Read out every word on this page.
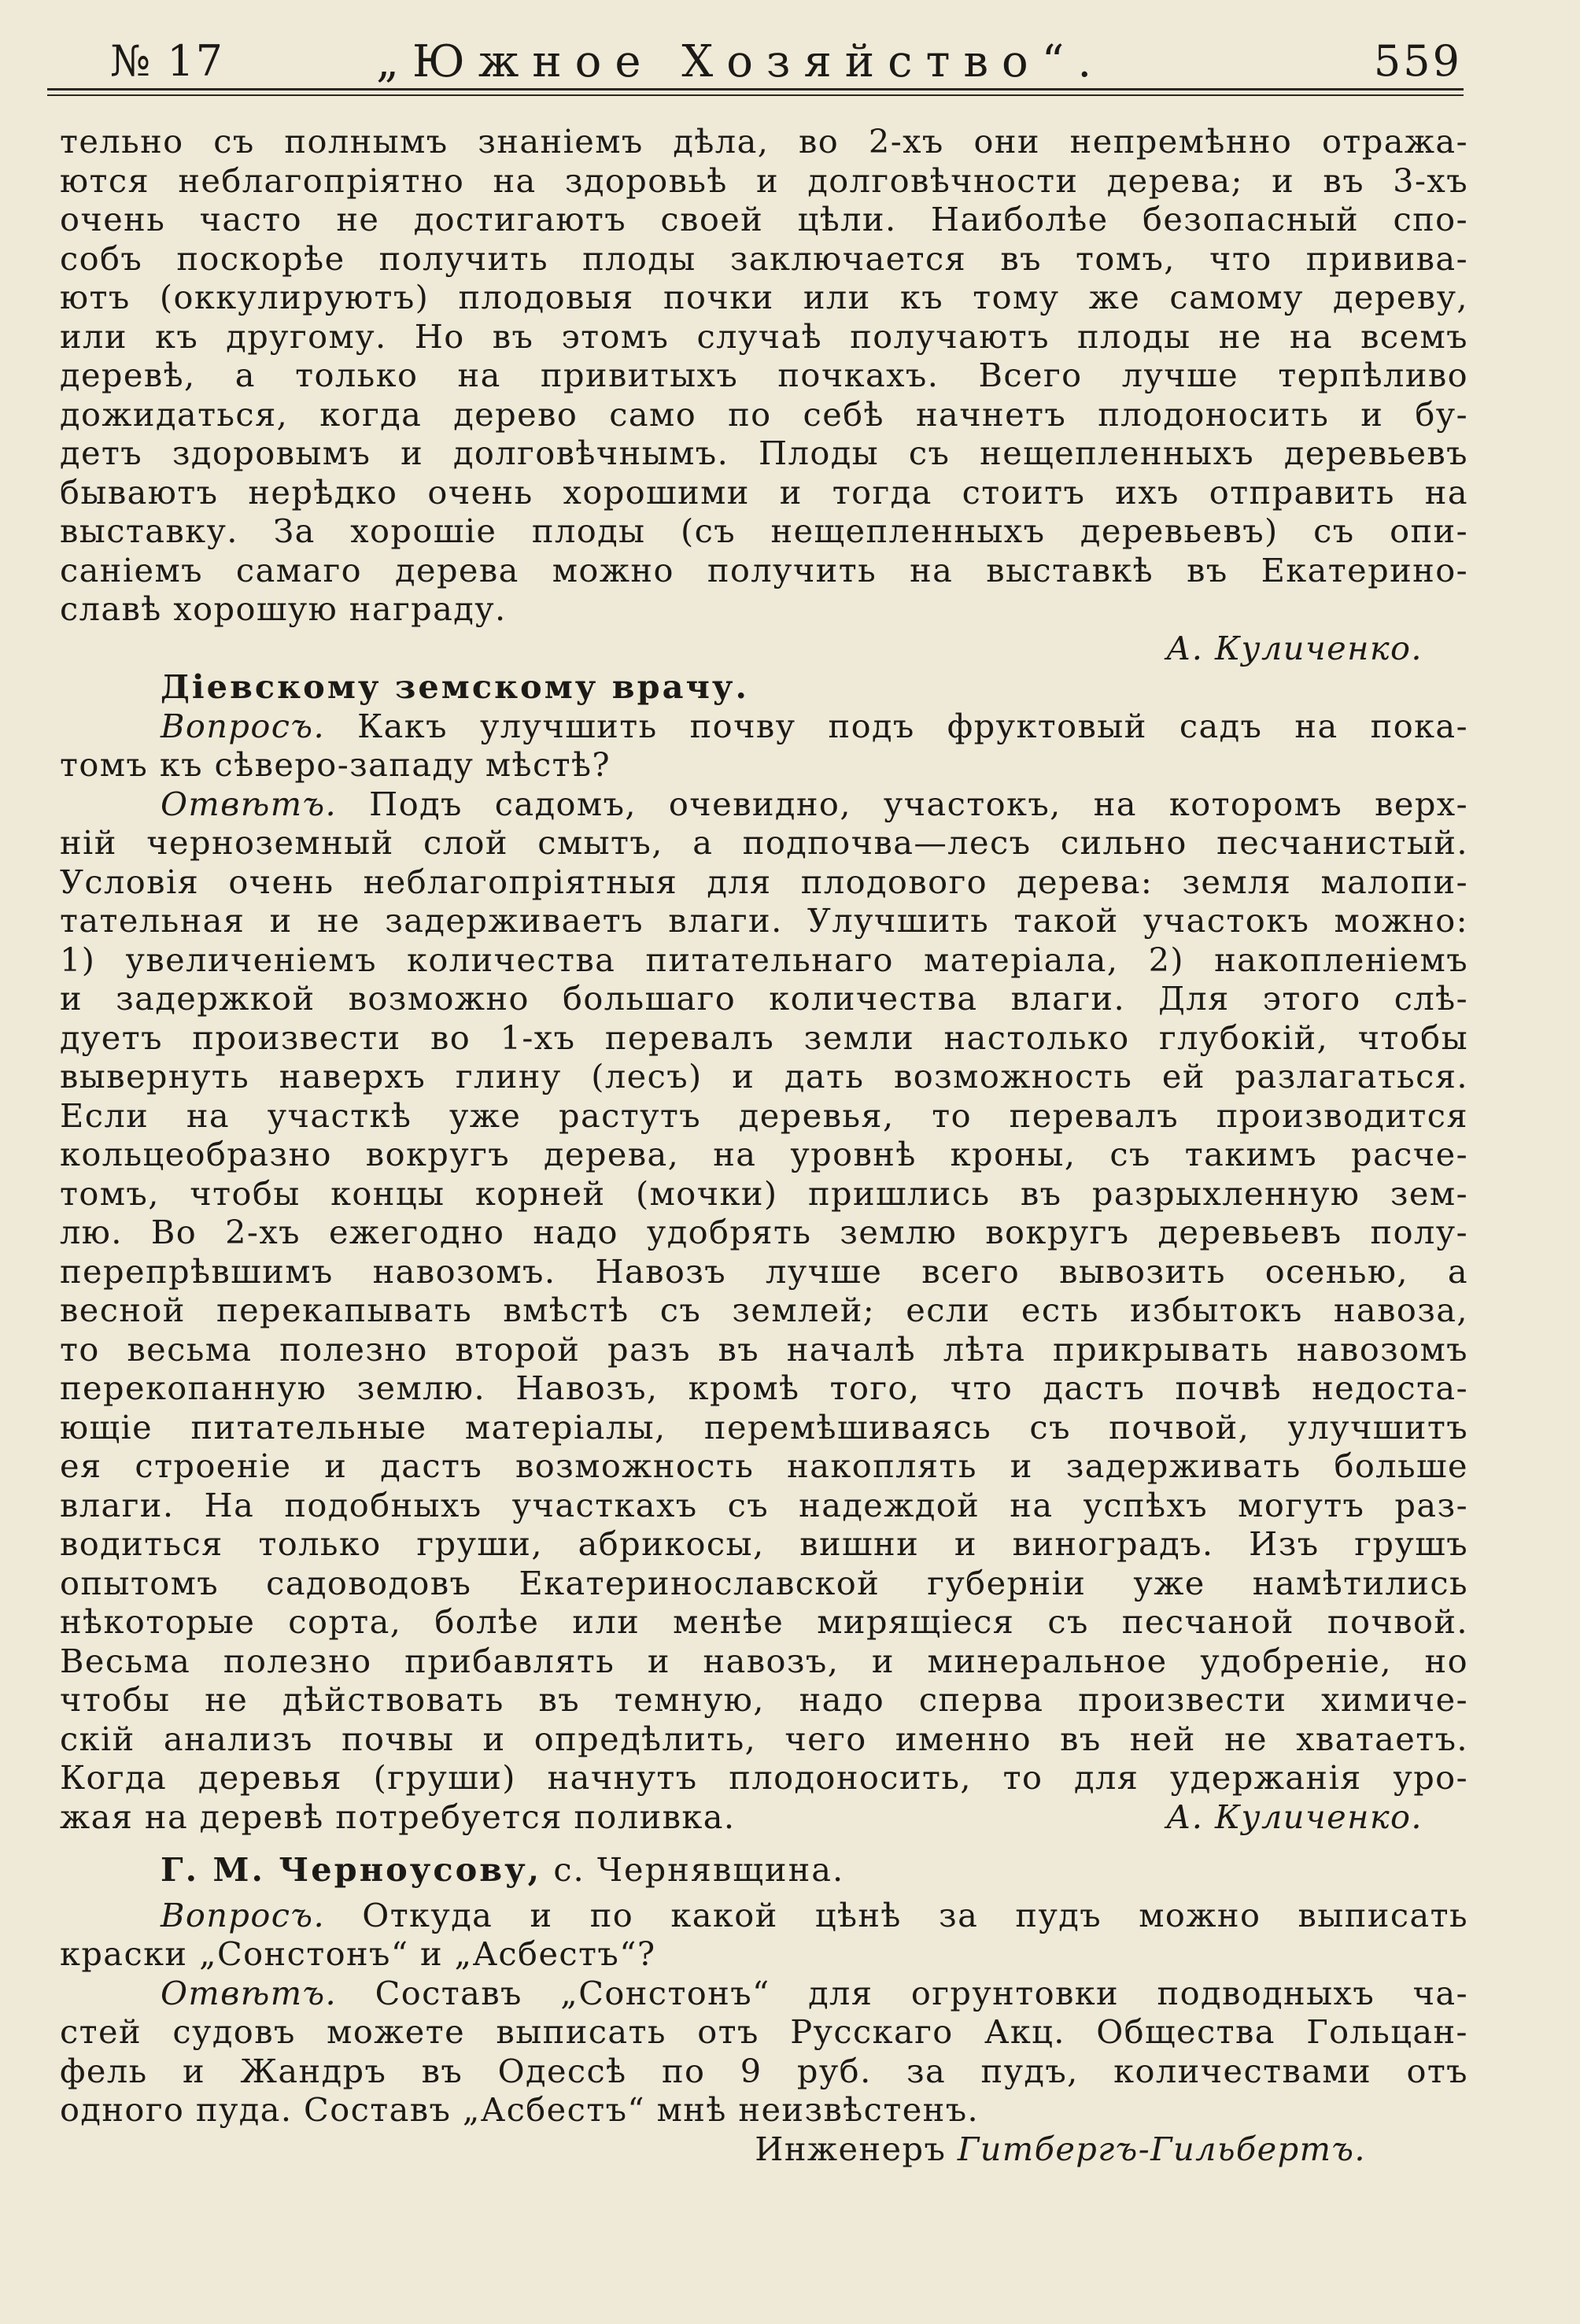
№ 17	„Южное Хозяйство“.	559
тельно съ полнымъ знаніемъ дѣла, во 2-хъ они непремѣнно отража-
ются неблагопріятно на здоровьѣ и долговѣчности дерева; и въ 3-хъ
очень часто не достигаютъ своей цѣли. Наиболѣе безопасный спо-
собъ поскорѣе получить плоды заключается въ томъ, что привива-
ютъ (оккулируютъ) плодовыя почки или къ тому же самому дереву,
или къ другому. Но въ этомъ случаѣ получаютъ плоды не на всемъ
деревѣ, а только на привитыхъ почкахъ. Всего лучше терпѣливо
дожидаться, когда дерево само по себѣ начнетъ плодоносить и бу-
детъ здоровымъ и долговѣчнымъ. Плоды съ нещепленныхъ деревьевъ
бываютъ нерѣдко очень хорошими и тогда стоитъ ихъ отправить на
выставку. За хорошіе плоды (съ нещепленныхъ деревьевъ) съ опи-
саніемъ самаго дерева можно получить на выставкѣ въ Екатерино-
славѣ хорошую награду.
А. Куличенко.
Діевскому земскому врачу.
Вопросъ. Какъ улучшить почву подъ фруктовый садъ на пока-
томъ къ сѣверо-западу мѣстѣ?
Отвѣтъ. Подъ садомъ, очевидно, участокъ, на которомъ верх-
ній черноземный слой смытъ, а подпочва—лесъ сильно песчанистый.
Условія очень неблагопріятныя для плодового дерева: земля малопи-
тательная и не задерживаетъ влаги. Улучшить такой участокъ можно:
1) увеличеніемъ количества питательнаго матеріала, 2) накопленіемъ
и задержкой возможно большаго количества влаги. Для этого слѣ-
дуетъ произвести во 1-хъ перевалъ земли настолько глубокій, чтобы
вывернуть наверхъ глину (лесъ) и дать возможность ей разлагаться.
Если на участкѣ уже растутъ деревья, то перевалъ производится
кольцеобразно вокругъ дерева, на уровнѣ кроны, съ такимъ расче-
томъ, чтобы концы корней (мочки) пришлись въ разрыхленную зем-
лю. Во 2-хъ ежегодно надо удобрять землю вокругъ деревьевъ полу-
перепрѣвшимъ навозомъ. Навозъ лучше всего вывозить осенью, а
весной перекапывать вмѣстѣ съ землей; если есть избытокъ навоза,
то весьма полезно второй разъ въ началѣ лѣта прикрывать навозомъ
перекопанную землю. Навозъ, кромѣ того, что дастъ почвѣ недоста-
ющіе питательные матеріалы, перемѣшиваясь съ почвой, улучшитъ
ея строеніе и дастъ возможность накоплять и задерживать больше
влаги. На подобныхъ участкахъ съ надеждой на успѣхъ могутъ раз-
водиться только груши, абрикосы, вишни и виноградъ. Изъ грушъ
опытомъ садоводовъ Екатеринославской губерніи уже намѣтились
нѣкоторые сорта, болѣе или менѣе мирящіеся съ песчаной почвой.
Весьма полезно прибавлять и навозъ, и минеральное удобреніе, но
чтобы не дѣйствовать въ темную, надо сперва произвести химиче-
скій анализъ почвы и опредѣлить, чего именно въ ней не хватаетъ.
Когда деревья (груши) начнутъ плодоносить, то для удержанія уро-
жая на деревѣ потребуется поливка.	А. Куличенко.
Г. М. Черноусову, с. Чернявщина.
Вопросъ. Откуда и по какой цѣнѣ за пудъ можно выписать
краски „Сонстонъ“ и „Асбестъ“?
Отвѣтъ. Составъ „Сонстонъ“ для огрунтовки подводныхъ ча-
стей судовъ можете выписать отъ Русскаго Акц. Общества Гольцан-
фель и Жандръ въ Одессѣ по 9 руб. за пудъ, количествами отъ
одного пуда. Составъ „Асбестъ“ мнѣ неизвѣстенъ.
Инженеръ Гитбергъ-Гильбертъ.
